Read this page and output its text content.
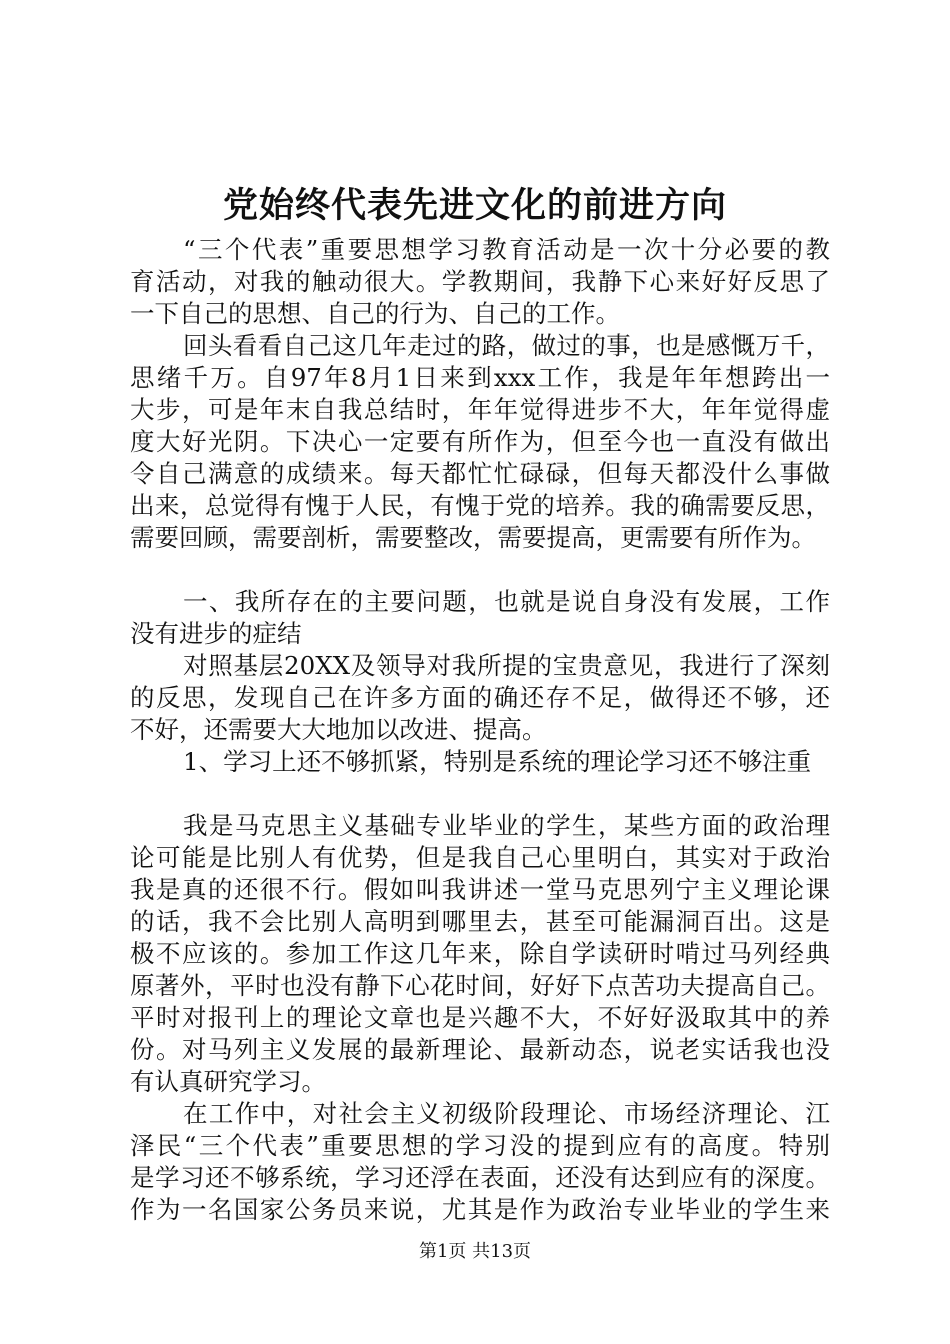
党始终代表先进文化的前进方向
“三个代表”重要思想学习教育活动是一次十分必要的教
育活动，对我的触动很大。学教期间，我静下心来好好反思了
一下自己的思想、自己的行为、自己的工作。
回头看看自己这几年走过的路，做过的事，也是感慨万千，
思绪千万。自97年8月1日来到xxx工作，我是年年想跨出一
大步，可是年末自我总结时，年年觉得进步不大，年年觉得虚
度大好光阴。下决心一定要有所作为，但至今也一直没有做出
令自己满意的成绩来。每天都忙忙碌碌，但每天都没什么事做
出来，总觉得有愧于人民，有愧于党的培养。我的确需要反思，
需要回顾，需要剖析，需要整改，需要提高，更需要有所作为。
一、我所存在的主要问题，也就是说自身没有发展，工作
没有进步的症结
对照基层20XX及领导对我所提的宝贵意见，我进行了深刻
的反思，发现自己在许多方面的确还存不足，做得还不够，还
不好，还需要大大地加以改进、提高。
1、学习上还不够抓紧，特别是系统的理论学习还不够注重
我是马克思主义基础专业毕业的学生，某些方面的政治理
论可能是比别人有优势，但是我自己心里明白，其实对于政治
我是真的还很不行。假如叫我讲述一堂马克思列宁主义理论课
的话，我不会比别人高明到哪里去，甚至可能漏洞百出。这是
极不应该的。参加工作这几年来，除自学读研时啃过马列经典
原著外，平时也没有静下心花时间，好好下点苦功夫提高自己。
平时对报刊上的理论文章也是兴趣不大，不好好汲取其中的养
份。对马列主义发展的最新理论、最新动态，说老实话我也没
有认真研究学习。
在工作中，对社会主义初级阶段理论、市场经济理论、江
泽民“三个代表”重要思想的学习没的提到应有的高度。特别
是学习还不够系统，学习还浮在表面，还没有达到应有的深度。
作为一名国家公务员来说，尤其是作为政治专业毕业的学生来
第1页 共13页
